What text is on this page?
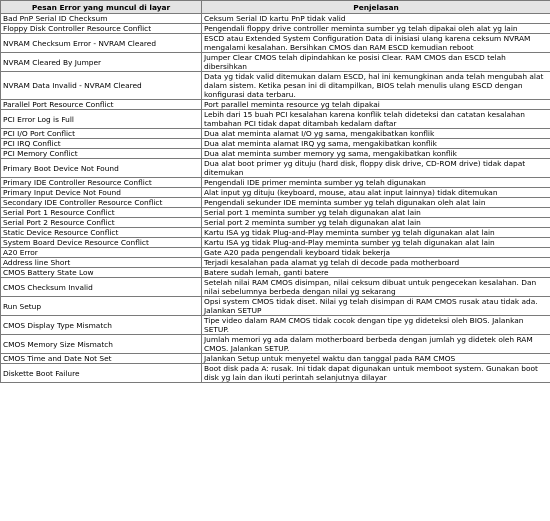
Pesan Error yang muncul di layar	Penjelasan
Bad PnP Serial ID Checksum	Ceksum Serial ID kartu PnP tidak valid
Floppy Disk Controller Resource Conflict	Pengendali floppy drive controller meminta sumber yg telah dipakai oleh alat yg lain
NVRAM Checksum Error - NVRAM Cleared	ESCD atau Extended System Configuration Data di inisiasi ulang karena ceksum NVRAM mengalami kesalahan. Bersihkan CMOS dan RAM ESCD kemudian reboot
NVRAM Cleared By Jumper	Jumper Clear CMOS telah dipindahkan ke posisi Clear. RAM CMOS dan ESCD telah dibersihkan
NVRAM Data Invalid - NVRAM Cleared	Data yg tidak valid ditemukan dalam ESCD, hal ini kemungkinan anda telah mengubah alat dalam sistem. Ketika pesan ini di ditampilkan, BIOS telah menulis ulang ESCD dengan konfigurasi data terbaru.
Parallel Port Resource Conflict	Port parallel meminta resource yg telah dipakai
PCI Error Log is Full	Lebih dari 15 buah PCI kesalahan karena konflik telah dideteksi dan catatan kesalahan tambahan PCI tidak dapat ditambah kedalam daftar
PCI I/O Port Conflict	Dua alat meminta alamat I/O yg sama, mengakibatkan konflik
PCI IRQ Conflict	Dua alat meminta alamat IRQ yg sama, mengakibatkan konflik
PCI Memory Conflict	Dua alat meminta sumber memory yg sama, mengakibatkan konflik
Primary Boot Device Not Found	Dua alat boot primer yg dituju (hard disk, floppy disk drive, CD-ROM drive) tidak dapat ditemukan
Primary IDE Controller Resource Conflict	Pengendali IDE primer meminta sumber yg telah digunakan
Primary Input Device Not Found	Alat input yg dituju (keyboard, mouse, atau alat input lainnya) tidak ditemukan
Secondary IDE Controller Resource Conflict	Pengendali sekunder IDE meminta sumber yg telah digunakan oleh alat lain
Serial Port 1 Resource Conflict	Serial port 1 meminta sumber yg telah digunakan alat lain
Serial Port 2 Resource Conflict	Serial port 2 meminta sumber yg telah digunakan alat lain
Static Device Resource Conflict	Kartu ISA yg tidak Plug-and-Play meminta sumber yg telah digunakan alat lain
System Board Device Resource Conflict	Kartu ISA yg tidak Plug-and-Play meminta sumber yg telah digunakan alat lain
A20 Error	Gate A20 pada pengendali keyboard tidak bekerja
Address line Short	Terjadi kesalahan pada alamat yg telah di decode pada motherboard
CMOS Battery State Low	Batere sudah lemah, ganti batere
CMOS Checksum Invalid	Setelah nilai RAM CMOS disimpan, nilai ceksum dibuat untuk pengecekan kesalahan. Dan nilai sebelumnya berbeda dengan nilai yg sekarang
Run Setup	Opsi system CMOS tidak diset. Nilai yg telah disimpan di RAM CMOS rusak atau tidak ada. Jalankan SETUP
CMOS Display Type Mismatch	Tipe video dalam RAM CMOS tidak cocok dengan tipe yg dideteksi oleh BIOS. Jalankan SETUP.
CMOS Memory Size Mismatch	Jumlah memori yg ada dalam motherboard berbeda dengan jumlah yg didetek oleh RAM CMOS. Jalankan SETUP.
CMOS Time and Date Not Set	Jalankan Setup untuk menyetel waktu dan tanggal pada RAM CMOS
Diskette Boot Failure	Boot disk pada A: rusak. Ini tidak dapat digunakan untuk memboot system. Gunakan boot disk yg lain dan ikuti perintah selanjutnya dilayar
